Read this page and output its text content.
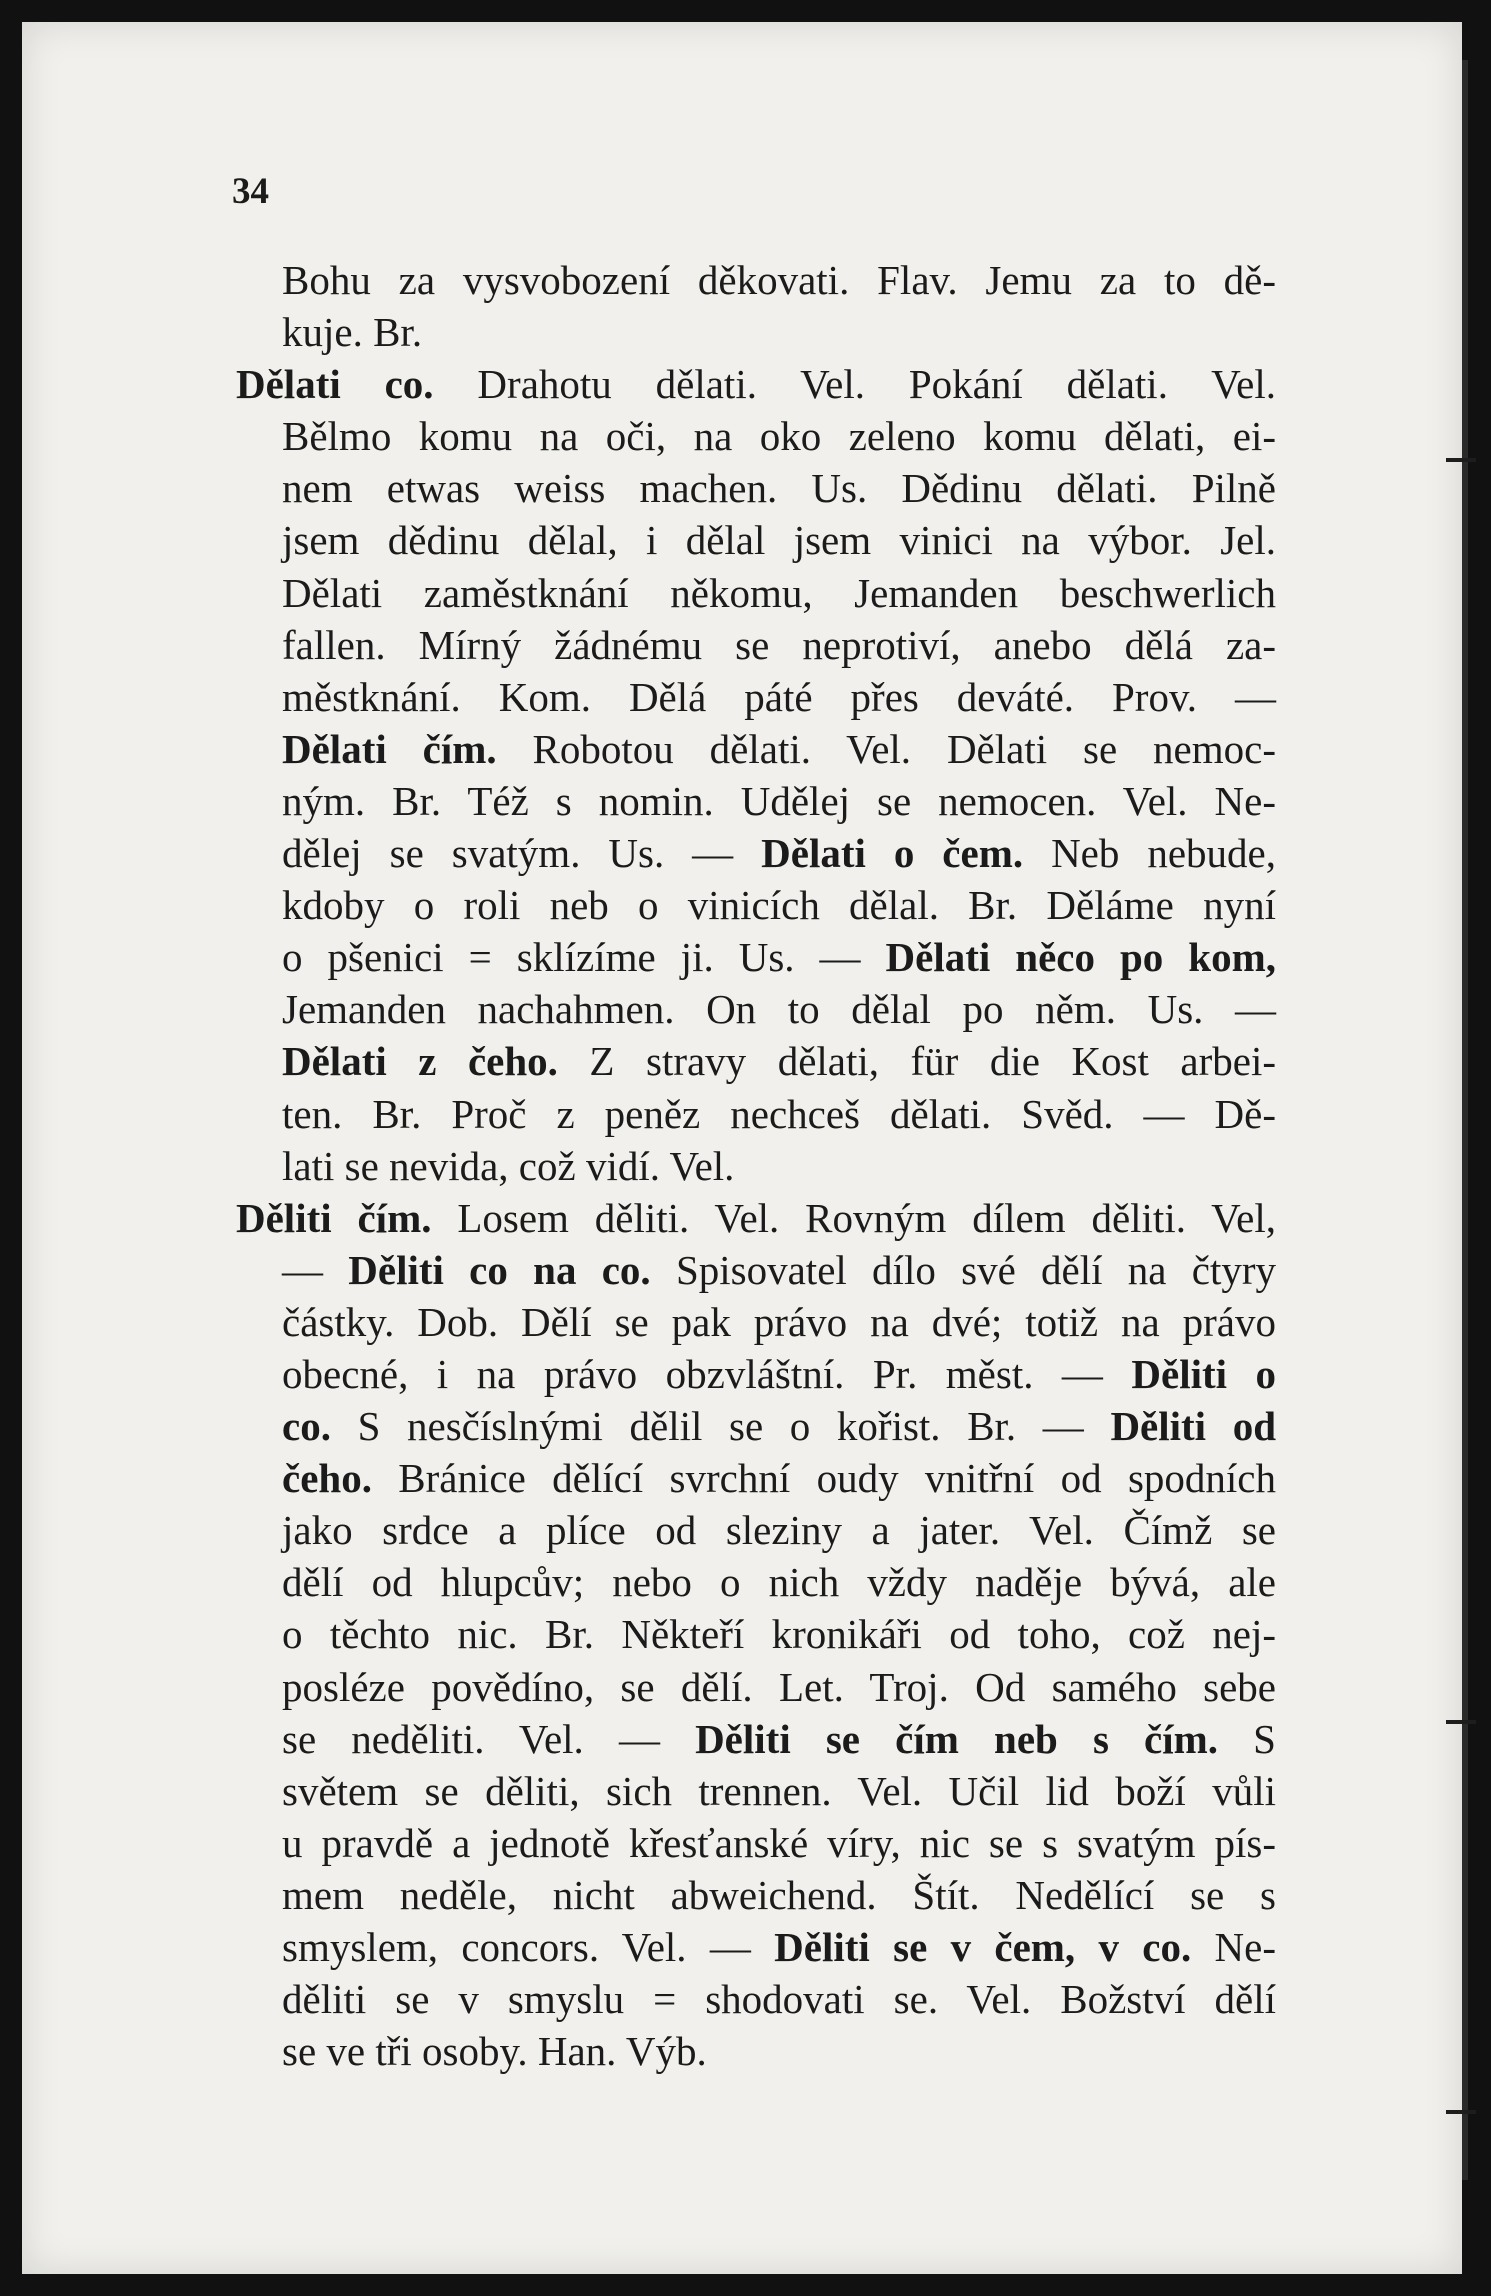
34
Bohu za vysvobození děkovati. Flav. Jemu za to dě-
kuje. Br.
Dělati co. Drahotu dělati. Vel. Pokání dělati. Vel.
Bělmo komu na oči, na oko zeleno komu dělati, ei-
nem etwas weiss machen. Us. Dědinu dělati. Pilně
jsem dědinu dělal, i dělal jsem vinici na výbor. Jel.
Dělati zaměstknání někomu, Jemanden beschwerlich
fallen. Mírný žádnému se neprotiví, anebo dělá za-
městknání. Kom. Dělá páté přes deváté. Prov. —
Dělati čím. Robotou dělati. Vel. Dělati se nemoc-
ným. Br. Též s nomin. Udělej se nemocen. Vel. Ne-
dělej se svatým. Us. — Dělati o čem. Neb nebude,
kdoby o roli neb o vinicích dělal. Br. Děláme nyní
o pšenici = sklízíme ji. Us. — Dělati něco po kom,
Jemanden nachahmen. On to dělal po něm. Us. —
Dělati z čeho. Z stravy dělati, für die Kost arbei-
ten. Br. Proč z peněz nechceš dělati. Svěd. — Dě-
lati se nevida, což vidí. Vel.
Děliti čím. Losem děliti. Vel. Rovným dílem děliti. Vel,
— Děliti co na co. Spisovatel dílo své dělí na čtyry
částky. Dob. Dělí se pak právo na dvé; totiž na právo
obecné, i na právo obzvláštní. Pr. měst. — Děliti o
co. S nesčíslnými dělil se o kořist. Br. — Děliti od
čeho. Bránice dělící svrchní oudy vnitřní od spodních
jako srdce a plíce od sleziny a jater. Vel. Čímž se
dělí od hlupcův; nebo o nich vždy naděje bývá, ale
o těchto nic. Br. Někteří kronikáři od toho, což nej-
posléze povědíno, se dělí. Let. Troj. Od samého sebe
se neděliti. Vel. — Děliti se čím neb s čím. S
světem se děliti, sich trennen. Vel. Učil lid boží vůli
u pravdě a jednotě křesťanské víry, nic se s svatým pís-
mem neděle, nicht abweichend. Štít. Nedělící se s
smyslem, concors. Vel. — Děliti se v čem, v co. Ne-
děliti se v smyslu = shodovati se. Vel. Božství dělí
se ve tři osoby. Han. Výb.
